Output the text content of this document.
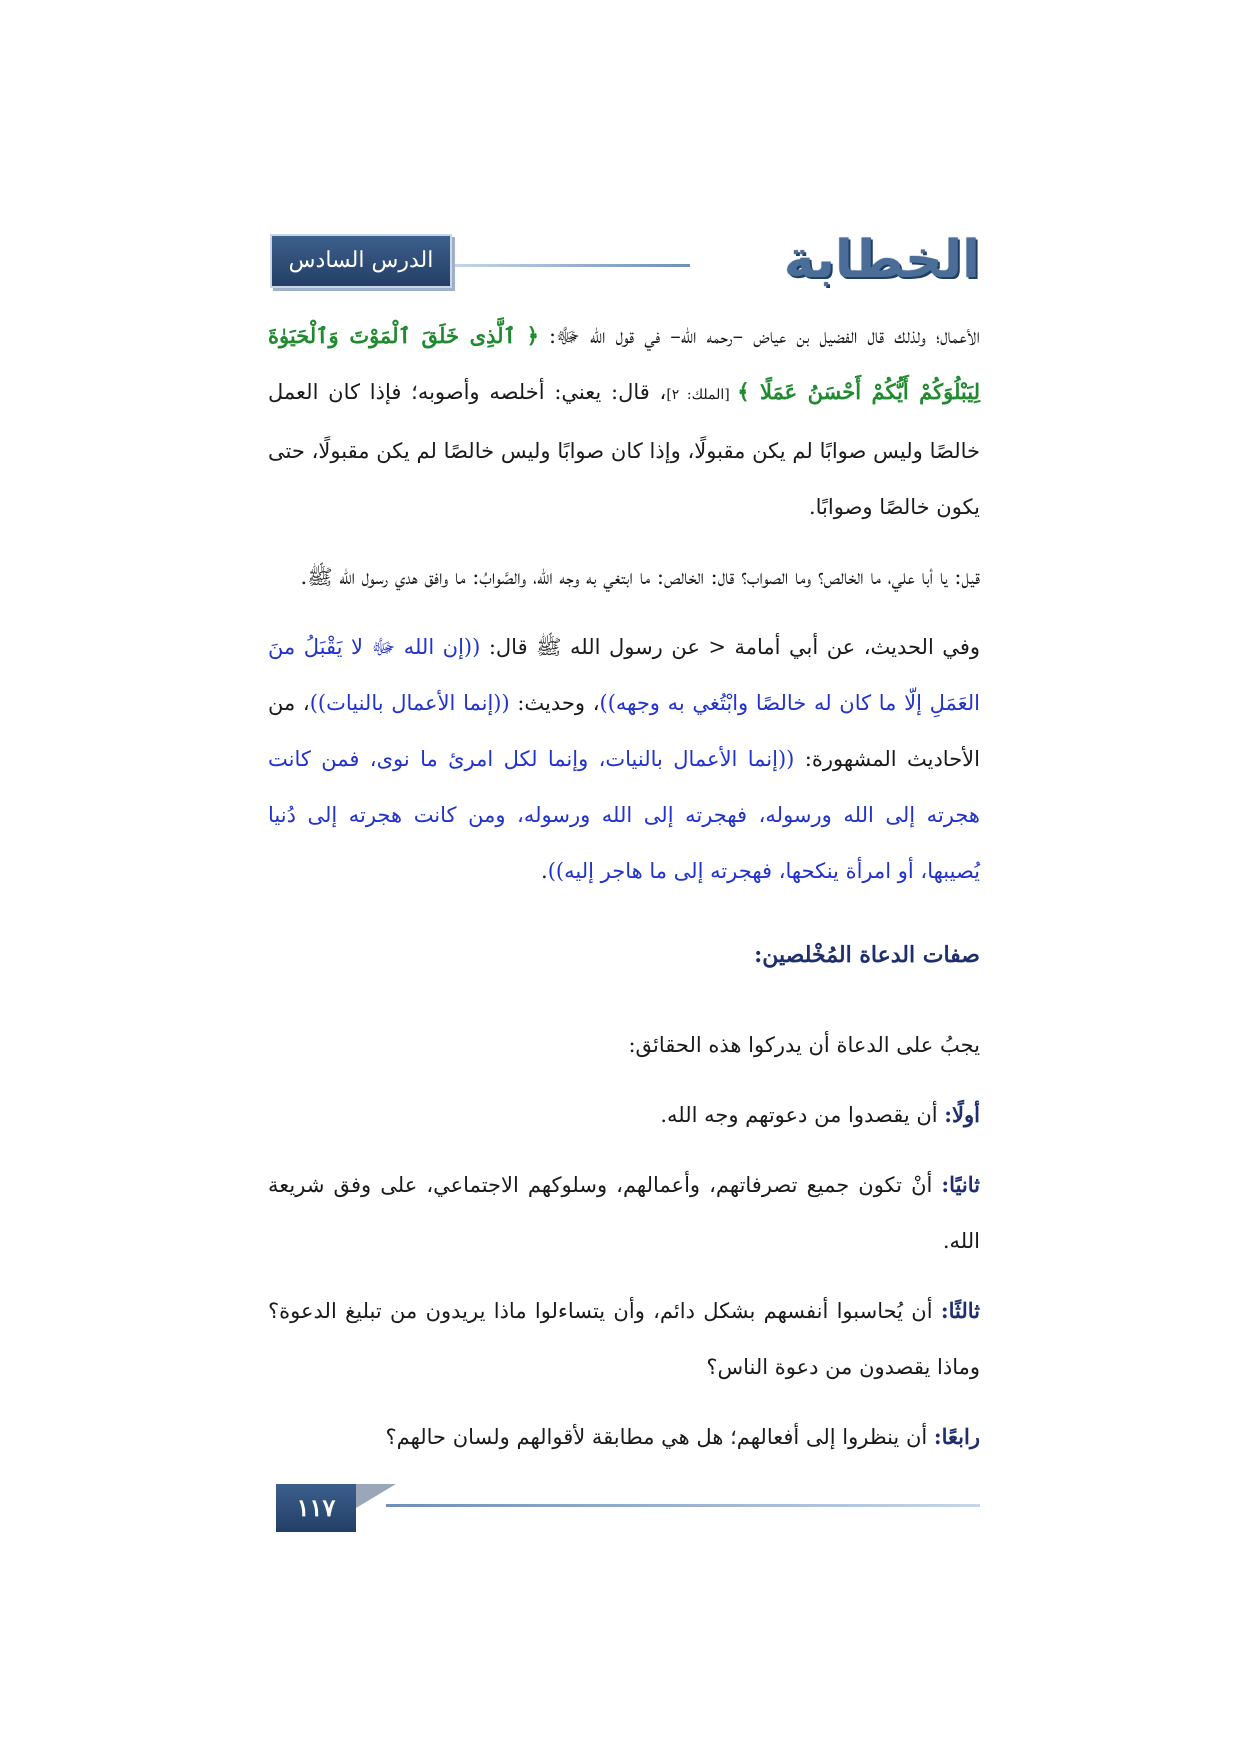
الخطابة
الدرس السادس

الأعمال؛ ولذلك قال الفضيل بن عياض –رحمه الله– في قول الله ﷻ: ﴿ ٱلَّذِى خَلَقَ ٱلْمَوْتَ وَٱلْحَيَوٰةَ لِيَبْلُوَكُمْ أَيُّكُمْ أَحْسَنُ عَمَلًا ﴾ [الملك: ٢]، قال: يعني: أخلصه وأصوبه؛ فإذا كان العمل خالصًا وليس صوابًا لم يكن مقبولًا، وإذا كان صوابًا وليس خالصًا لم يكن مقبولًا، حتى يكون خالصًا وصوابًا.

قيل: يا أبا علي، ما الخالص؟ وما الصواب؟ قال: الخالص: ما ابتغي به وجه الله، والصَّوابُ: ما وافق هدي رسول الله ﷺ.

وفي الحديث، عن أبي أمامة < عن رسول الله ﷺ قال: ((إن الله ﷻ لا يَقْبَلُ منَ العَمَلِ إلّا ما كان له خالصًا وابْتُغي به وجهه))، وحديث: ((إنما الأعمال بالنيات))، من الأحاديث المشهورة: ((إنما الأعمال بالنيات، وإنما لكل امرئ ما نوى، فمن كانت هجرته إلى الله ورسوله، فهجرته إلى الله ورسوله، ومن كانت هجرته إلى دُنيا يُصيبها، أو امرأة ينكحها، فهجرته إلى ما هاجر إليه)).

صفات الدعاة المُخْلصين:

يجبُ على الدعاة أن يدركوا هذه الحقائق:

أولًا: أن يقصدوا من دعوتهم وجه الله.

ثانيًا: أنْ تكون جميع تصرفاتهم، وأعمالهم، وسلوكهم الاجتماعي، على وفق شريعة الله.

ثالثًا: أن يُحاسبوا أنفسهم بشكل دائم، وأن يتساءلوا ماذا يريدون من تبليغ الدعوة؟ وماذا يقصدون من دعوة الناس؟

رابعًا: أن ينظروا إلى أفعالهم؛ هل هي مطابقة لأقوالهم ولسان حالهم؟

١١٧
